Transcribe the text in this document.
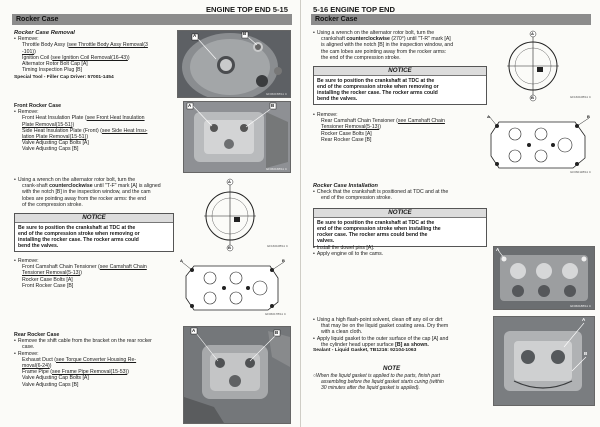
ENGINE TOP END 5-15
Rocker Case
Rocker Case Removal
• Remove:
Throttle Body Assy (see Throttle Body Assy Removal(3
-101))
Ignition Coil (see Ignition Coil Removal(16-43))
Alternator Rotor Bolt Cap [A]
Timing Inspection Plug [B]
Special Tool - Filler Cap Driver: 57001-1454
A	B
GF06015BS1 C
Front Rocker Case
• Remove:
Front Heat Insulation Plate (see Front Heat Insulation
Plate Removal(15-51))
Side Heat Insulation Plate (Front) (see Side Heat Insu-
lation Plate Removal(15-51))
Valve Adjusting Cap Bolts [A]
Valve Adjusting Caps [B]
A	B
GF06016BS1 C
• Using a wrench on the alternator rotor bolt, turn the
crank-shaft counterclockwise until "T-F" mark [A] is aligned
with the notch [B] in the inspection window, and the cam
lobes are pointing away from the rocker arms: the end
of the compression stroke.
NOTICE
Be sure to position the crankshaft at TDC at the
end of the compression stroke when removing or
installing the rocker case. The rocker arms could
bend the valves.
A
B	GF16010BS1 C
• Remove:
Front Camshaft Chain Tensioner (see Camshaft Chain
Tensioner Removal(5-13))
Rocker Case Bolts [A]
Front Rocker Case [B]
A	B
GF06017BS1 C
Rear Rocker Case
• Remove the shift cable from the bracket on the rear rocker
case.
• Remove:
Exhaust Duct (see Torque Converter Housing Re-
moval(6-24))
Frame Pipe (see Frame Pipe Removal(15-53))
Valve Adjusting Cap Bolts [A]
Valve Adjusting Caps [B]
A	B
5-16 ENGINE TOP END
Rocker Case
• Using a wrench on the alternator rotor bolt, turn the
crankshaft counterclockwise (270°) until "T-R" mark [A]
is aligned with the notch [B] in the inspection window, and
the cam lobes are pointing away from the rocker arms:
the end of the compression stroke.
NOTICE
Be sure to position the crankshaft at TDC at the
end of the compression stroke when removing or
installing the rocker case. The rocker arms could
bend the valves.
A
B	GF16010BS1 C
• Remove:
Rear Camshaft Chain Tensioner (see Camshaft Chain
Tensioner Removal(5-13))
Rocker Case Bolts [A]
Rear Rocker Case [B]
A	B
GF06011BS1 C
Rocker Case Installation
• Check that the crankshaft is positioned at TDC and at the
end of the compression stroke.
NOTICE
Be sure to position the crankshaft at TDC at the
end of the compression stroke when installing the
rocker case. The rocker arms could bend the
valves.
• Install the dowel pins [A].
• Apply engine oil to the cams.
A
GF06018BS1 C
• Using a high flash-point solvent, clean off any oil or dirt
that may be on the liquid gasket coating area. Dry them
with a clean cloth.
• Apply liquid gasket to the outer surface of the cap [A] and
the cylinder head upper surface [B] as shown.
Sealant - Liquid Gasket, TB1216: 92104-1063
NOTE
○When the liquid gasket is applied to the parts, finish part
assembling before the liquid gasket starts curing (within
30 minutes after the liquid gasket is applied).
A
B
